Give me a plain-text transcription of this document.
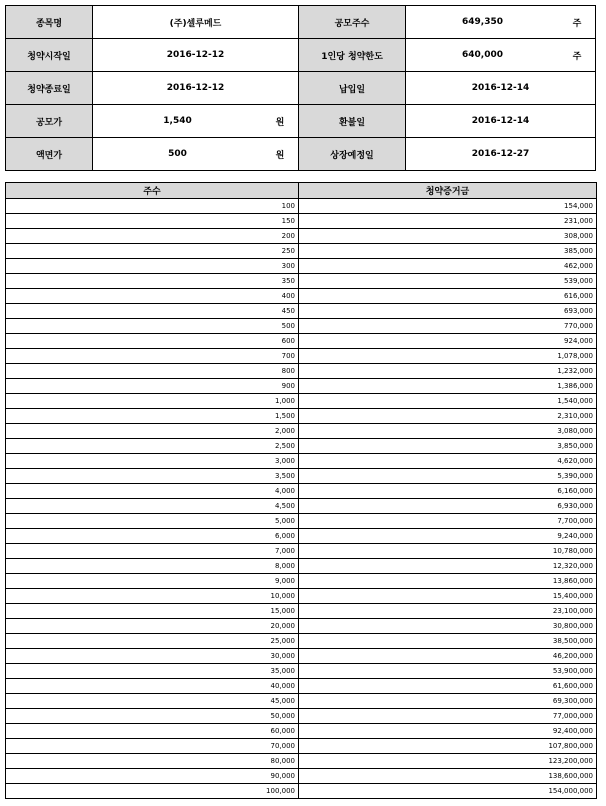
종목명	(주)셀루메드	공모주수	649,350 주

청약시작일	2016-12-12	1인당 청약한도	640,000 주

청약종료일	2016-12-12	납입일	2016-12-14

공모가	1,540 원	환불일	2016-12-14

액면가	500 원	상장예정일	2016-12-27
주수	청약증거금
100	154,000
150	231,000
200	308,000
250	385,000
300	462,000
350	539,000
400	616,000
450	693,000
500	770,000
600	924,000
700	1,078,000
800	1,232,000
900	1,386,000
1,000	1,540,000
1,500	2,310,000
2,000	3,080,000
2,500	3,850,000
3,000	4,620,000
3,500	5,390,000
4,000	6,160,000
4,500	6,930,000
5,000	7,700,000
6,000	9,240,000
7,000	10,780,000
8,000	12,320,000
9,000	13,860,000
10,000	15,400,000
15,000	23,100,000
20,000	30,800,000
25,000	38,500,000
30,000	46,200,000
35,000	53,900,000
40,000	61,600,000
45,000	69,300,000
50,000	77,000,000
60,000	92,400,000
70,000	107,800,000
80,000	123,200,000
90,000	138,600,000
100,000	154,000,000
